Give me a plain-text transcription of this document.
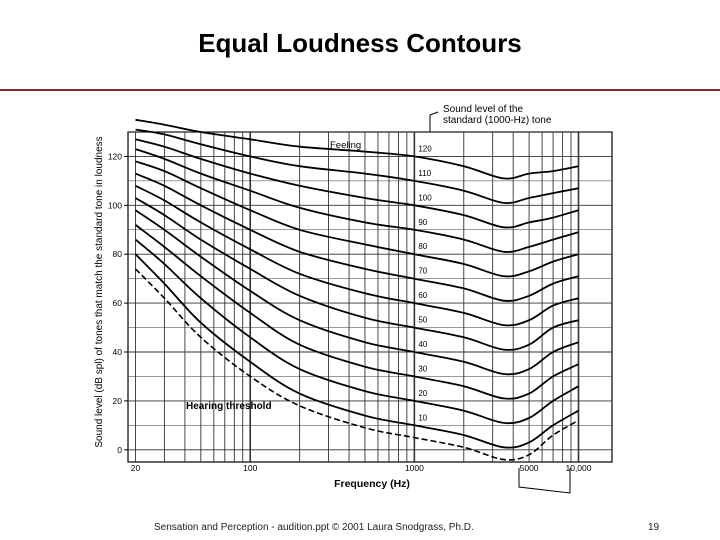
Equal Loudness Contours
10
20
30
40
50
60
70
80
90
100
110
120
0
20
40
60
80
100
120
20	100	1000	5000	10,000
Sound level (dB spl) of tones that match the standard tone in loudness
Frequency (Hz)
Feeling
Hearing threshold
Sound level of the
standard (1000-Hz) tone
Sensation and Perception - audition.ppt © 2001 Laura Snodgrass, Ph.D.	19
